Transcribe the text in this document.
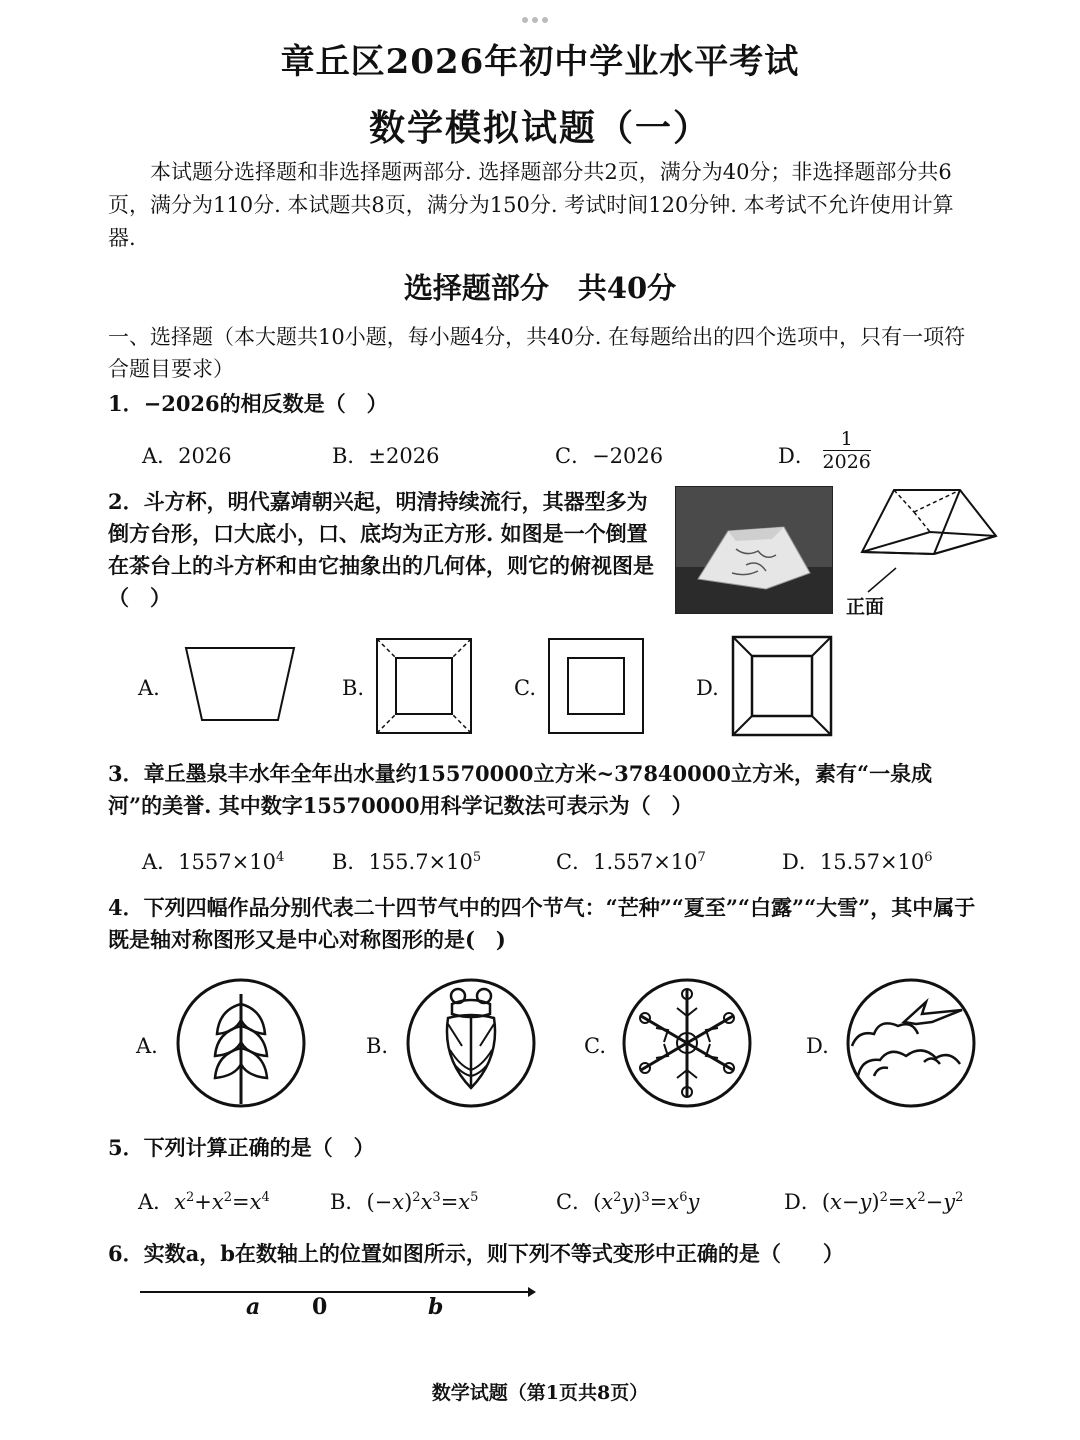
章丘区2026年初中学业水平考试
数学模拟试题（一）
本试题分选择题和非选择题两部分. 选择题部分共2页，满分为40分；非选择题部分共6页，满分为110分. 本试题共8页，满分为150分. 考试时间120分钟. 本考试不允许使用计算器.
选择题部分　共40分
一、选择题（本大题共10小题，每小题4分，共40分. 在每题给出的四个选项中，只有一项符合题目要求）
1．−2026的相反数是（　）
A．2026	B．±2026	C．−2026	D． $\frac{1}{2026}$
2．斗方杯，明代嘉靖朝兴起，明清持续流行，其器型多为倒方台形，口大底小，口、底均为正方形. 如图是一个倒置在茶台上的斗方杯和由它抽象出的几何体，则它的俯视图是（　）	正面
A.	B.	C.	D.
3．章丘墨泉丰水年全年出水量约15570000立方米~37840000立方米，素有“一泉成河”的美誉. 其中数字15570000用科学记数法可表示为（　）
A．$1557\times 10^4$ B．$155.7\times 10^5$	C．$1.557\times 10^7$	D．$15.57\times 10^6$
4．下列四幅作品分别代表二十四节气中的四个节气：“芒种”“夏至”“白露”“大雪”，其中属于既是轴对称图形又是中心对称图形的是(　)
A.	B.	C.	D.
5．下列计算正确的是（　）
A．$x^2+x^2=x^4$	B．$(-x)^2x^3=x^5$	C．$(x^2y)^3=x^6y$	D．$(x-y)^2=x^2-y^2$
6．实数a，b在数轴上的位置如图所示，则下列不等式变形中正确的是（　　）
a 0	b
数学试题（第1页共8页）
